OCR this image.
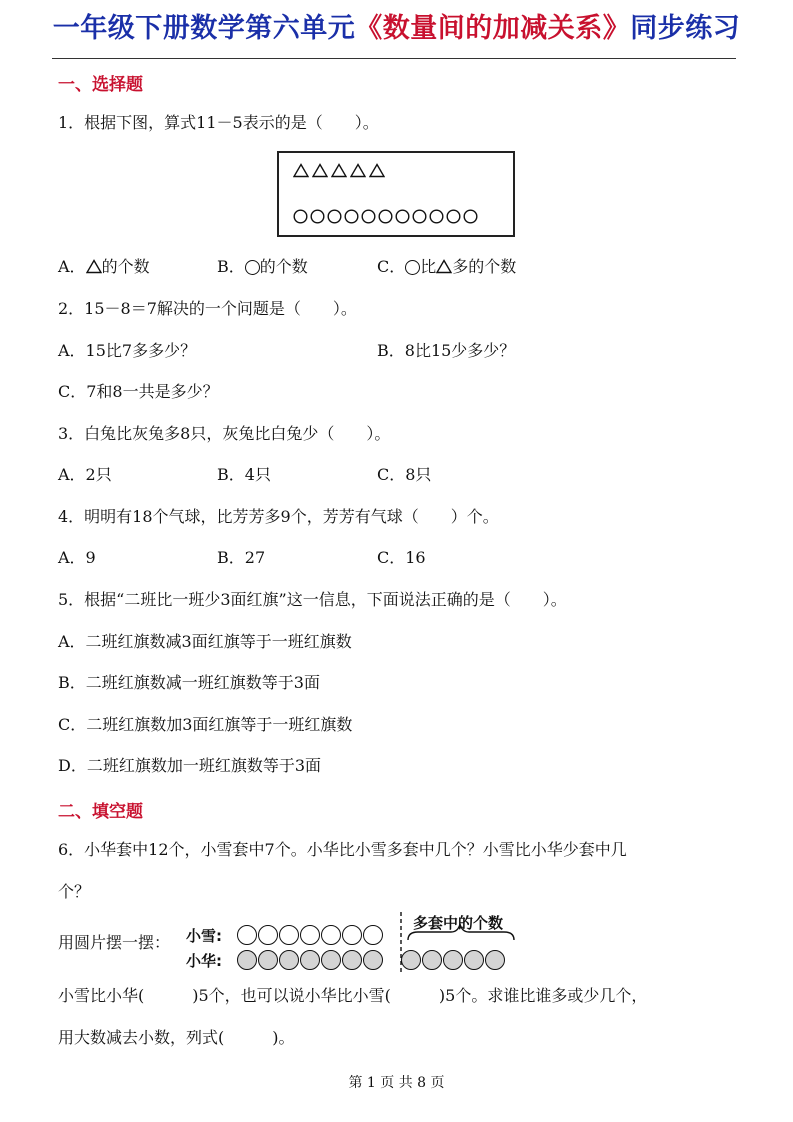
一年级下册数学第六单元《数量间的加减关系》同步练习
一、选择题
1．根据下图，算式11－5表示的是（　　）。
A． 的个数	B． 的个数	C． 比 多的个数
2．15－8＝7解决的一个问题是（　　）。
A．15比7多多少？	B．8比15少多少？
C．7和8一共是多少？
3．白兔比灰兔多8只，灰兔比白兔少（　　）。
A．2只	B．4只	C．8只
4．明明有18个气球，比芳芳多9个，芳芳有气球（　　）个。
A．9	B．27	C．16
5．根据“二班比一班少3面红旗”这一信息，下面说法正确的是（　　）。
A．二班红旗数减3面红旗等于一班红旗数
B．二班红旗数减一班红旗数等于3面
C．二班红旗数加3面红旗等于一班红旗数
D．二班红旗数加一班红旗数等于3面
二、填空题
6．小华套中12个，小雪套中7个。小华比小雪多套中几个？小雪比小华少套中几
个？
用圆片摆一摆： 小雪:
小华:
多套中的个数
小雪比小华(　　　)5个，也可以说小华比小雪(　　　)5个。求谁比谁多或少几个，
用大数减去小数，列式(　　　)。
第 1 页 共 8 页
